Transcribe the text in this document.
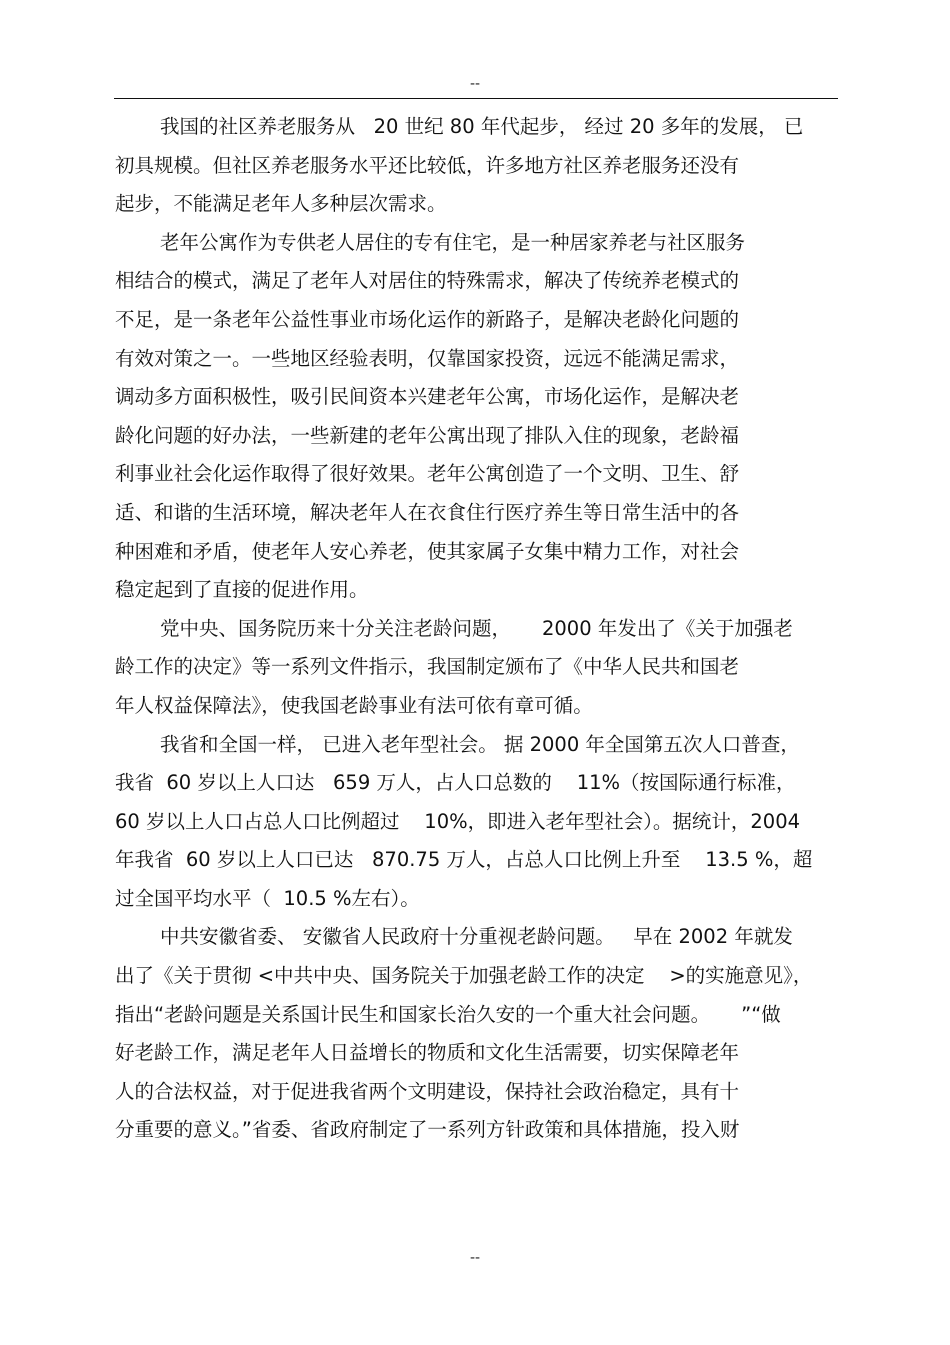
--
我国的社区养老服务从   20 世纪 80 年代起步， 经过 20 多年的发展， 已
初具规模。但社区养老服务水平还比较低，许多地方社区养老服务还没有
起步，不能满足老年人多种层次需求。
老年公寓作为专供老人居住的专有住宅，是一种居家养老与社区服务
相结合的模式，满足了老年人对居住的特殊需求，解决了传统养老模式的
不足，是一条老年公益性事业市场化运作的新路子，是解决老龄化问题的
有效对策之一。一些地区经验表明，仅靠国家投资，远远不能满足需求，
调动多方面积极性，吸引民间资本兴建老年公寓，市场化运作，是解决老
龄化问题的好办法，一些新建的老年公寓出现了排队入住的现象，老龄福
利事业社会化运作取得了很好效果。老年公寓创造了一个文明、卫生、舒
适、和谐的生活环境，解决老年人在衣食住行医疗养生等日常生活中的各
种困难和矛盾，使老年人安心养老，使其家属子女集中精力工作，对社会
稳定起到了直接的促进作用。
党中央、国务院历来十分关注老龄问题，     2000 年发出了《关于加强老
龄工作的决定》等一系列文件指示，我国制定颁布了《中华人民共和国老
年人权益保障法》，使我国老龄事业有法可依有章可循。
我省和全国一样， 已进入老年型社会。 据 2000 年全国第五次人口普查，
我省  60 岁以上人口达   659 万人，占人口总数的    11%（按国际通行标准，
60 岁以上人口占总人口比例超过    10%，即进入老年型社会）。据统计，2004
年我省  60 岁以上人口已达   870.75 万人，占总人口比例上升至    13.5 %，超
过全国平均水平（  10.5 %左右）。
中共安徽省委、 安徽省人民政府十分重视老龄问题。   早在 2002 年就发
出了《关于贯彻 <中共中央、国务院关于加强老龄工作的决定    >的实施意见》，
指出“老龄问题是关系国计民生和国家长治久安的一个重大社会问题。     ”“做
好老龄工作，满足老年人日益增长的物质和文化生活需要，切实保障老年
人的合法权益，对于促进我省两个文明建设，保持社会政治稳定，具有十
分重要的意义。”省委、省政府制定了一系列方针政策和具体措施，投入财
--
